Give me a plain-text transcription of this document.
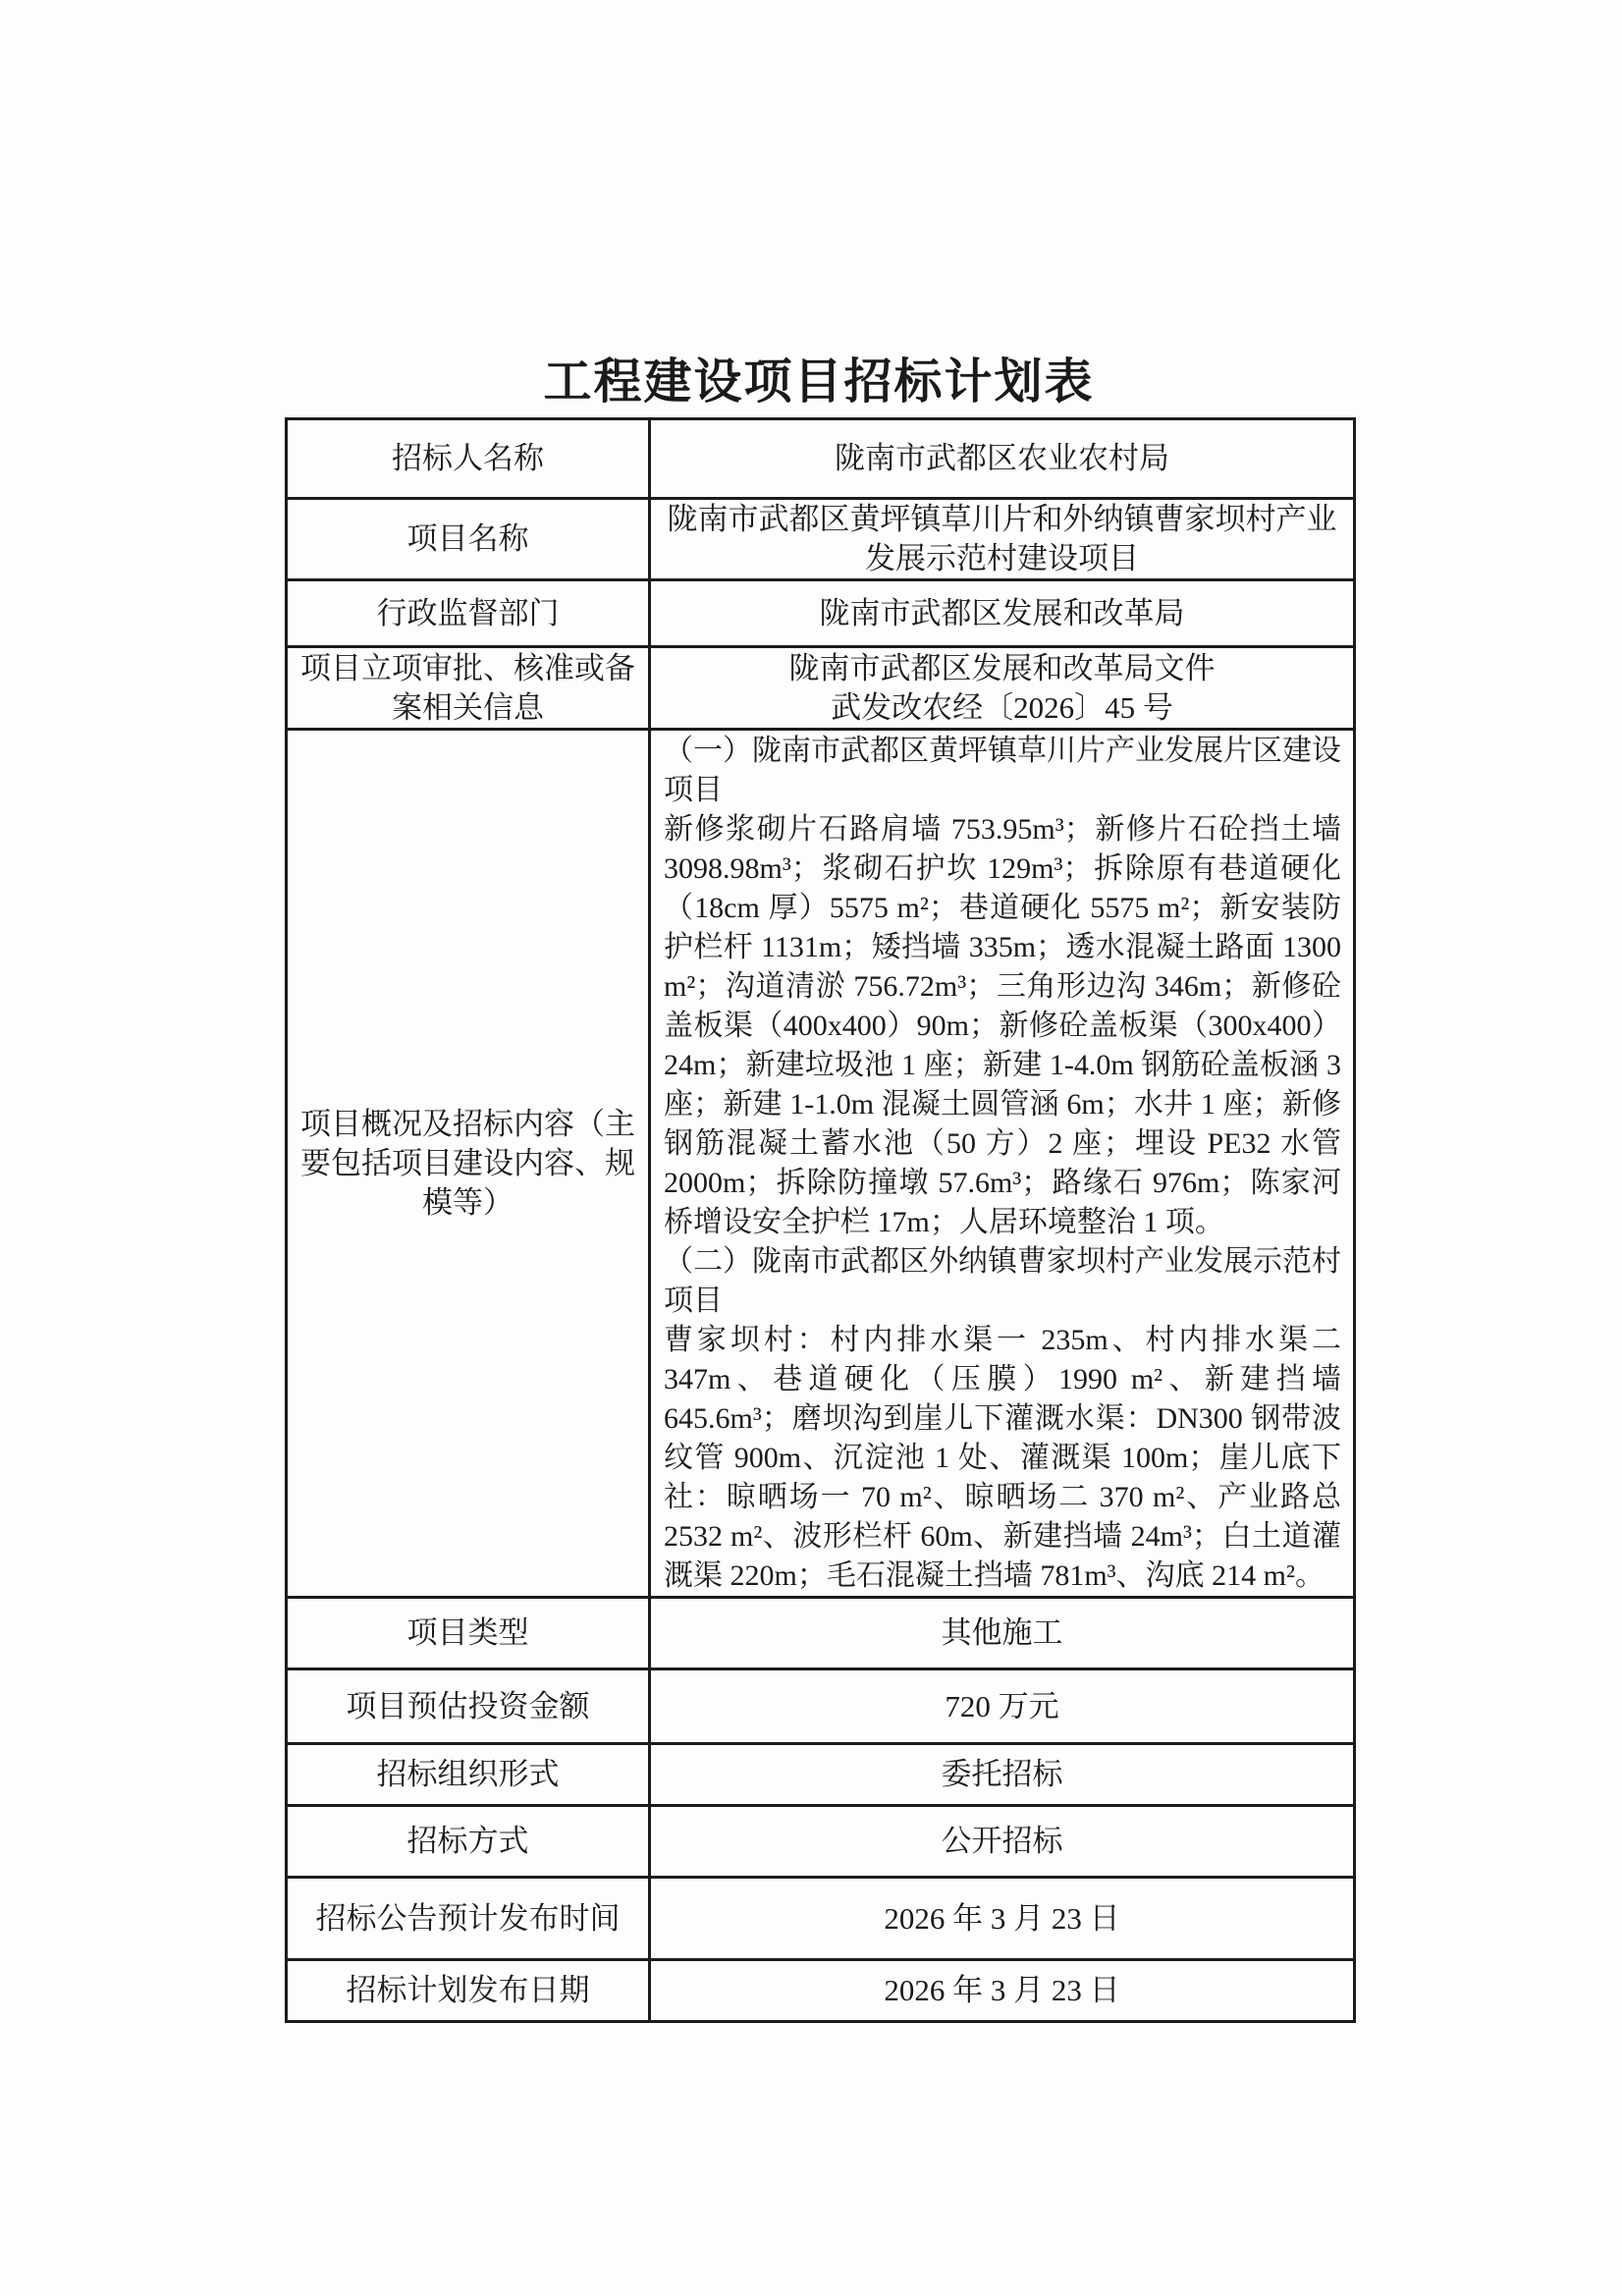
工程建设项目招标计划表
招标人名称	陇南市武都区农业农村局
项目名称	陇南市武都区黄坪镇草川片和外纳镇曹家坝村产业
发展示范村建设项目

行政监督部门	陇南市武都区发展和改革局
项目立项审批、核准或备案相关信息	陇南市武都区发展和改革局文件
武发改农经〔2026〕45 号

项目概况及招标内容（主要包括项目建设内容、规模等）	（一）陇南市武都区黄坪镇草川片产业发展片区建设项目
新修浆砌片石路肩墙 753.95m³；新修片石砼挡土墙 3098.98m³；浆砌石护坎 129m³；拆除原有巷道硬化（18cm 厚）5575 m²；巷道硬化 5575 m²；新安装防护栏杆 1131m；矮挡墙 335m；透水混凝土路面 1300 m²；沟道清淤 756.72m³；三角形边沟 346m；新修砼盖板渠（400x400）90m；新修砼盖板渠（300x400）24m；新建垃圾池 1 座；新建 1-4.0m 钢筋砼盖板涵 3 座；新建 1-1.0m 混凝土圆管涵 6m；水井 1 座；新修钢筋混凝土蓄水池（50 方）2 座；埋设 PE32 水管 2000m；拆除防撞墩 57.6m³；路缘石 976m；陈家河桥增设安全护栏 17m；人居环境整治 1 项。
（二）陇南市武都区外纳镇曹家坝村产业发展示范村项目
曹家坝村：村内排水渠一 235m、村内排水渠二 347m、巷道硬化（压膜）1990 m²、新建挡墙 645.6m³；磨坝沟到崖儿下灌溉水渠：DN300 钢带波纹管 900m、沉淀池 1 处、灌溉渠 100m；崖儿底下社：晾晒场一 70 m²、晾晒场二 370 m²、产业路总 2532 m²、波形栏杆 60m、新建挡墙 24m³；白土道灌溉渠 220m；毛石混凝土挡墙 781m³、沟底 214 m²。

项目类型	其他施工
项目预估投资金额	720 万元
招标组织形式	委托招标
招标方式	公开招标
招标公告预计发布时间	2026 年 3 月 23 日
招标计划发布日期	2026 年 3 月 23 日
